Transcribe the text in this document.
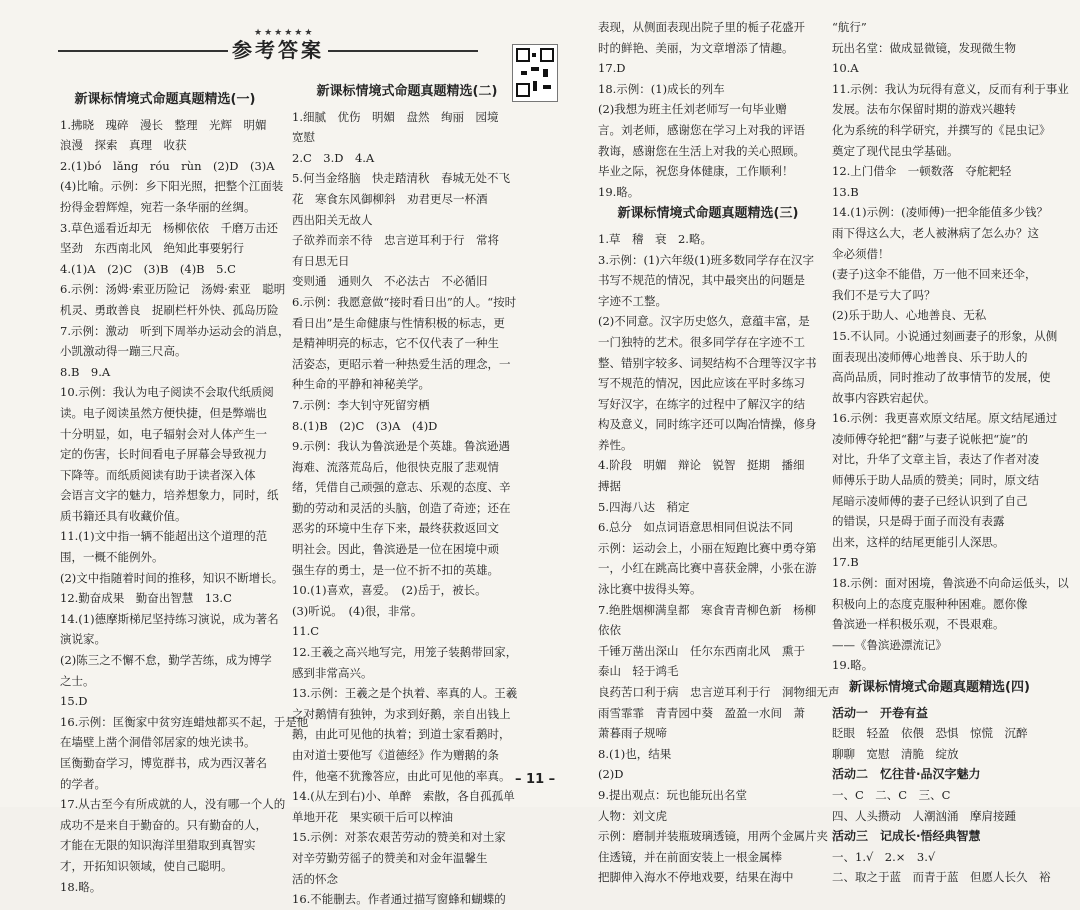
★★★★★★
参考答案

新课标情境式命题真题精选(一)

1.拂晓　瑰碎　漫长　整理　光辉　明媚

浪漫　探索　真理　收获

2.(1)bó　lǎng　róu　rùn　(2)D　(3)A

(4)比喻。示例：乡下阳光照，把整个江面装

扮得金碧辉煌，宛若一条华丽的丝绸。

3.草色遥看近却无　杨柳依依　千磨万击还

坚劲　东西南北风　绝知此事要躬行

4.(1)A　(2)C　(3)B　(4)B　5.C

6.示例：汤姆·索亚历险记　汤姆·索亚　聪明

机灵、勇敢善良　捉刷栏杆外快、孤岛历险

7.示例：激动　听到下周举办运动会的消息，

小凯激动得一蹦三尺高。

8.B　9.A

10.示例：我认为电子阅读不会取代纸质阅

读。电子阅读虽然方便快捷，但是弊端也

十分明显，如，电子辐射会对人体产生一

定的伤害，长时间看电子屏幕会导致视力

下降等。而纸质阅读有助于读者深入体

会语言文字的魅力，培养想象力，同时，纸

质书籍还具有收藏价值。

11.(1)文中指一辆不能超出这个道理的范

围，一概不能例外。

(2)文中指随着时间的推移，知识不断增长。

12.勤奋成果　勤奋出智慧　13.C

14.(1)德摩斯梯尼坚持练习演说，成为著名

演说家。

(2)陈三之不懈不怠，勤学苦练，成为博学

之士。

15.D

16.示例：匡衡家中贫穷连蜡烛都买不起，于是他

在墙壁上凿个洞借邻居家的烛光读书。

匡衡勤奋学习，博览群书，成为西汉著名

的学者。

17.从古至今有所成就的人，没有哪一个人的

成功不是来自于勤奋的。只有勤奋的人，

才能在无限的知识海洋里猎取到真智实

才，开拓知识领域，使自己聪明。

18.略。

新课标情境式命题真题精选(二)

1.细腻　优伤　明媚　盘然　绚丽　园境

宽慰

2.C　3.D　4.A

5.何当金络脑　快走踏清秋　春城无处不飞

花　寒食东风御柳斜　劝君更尽一杯酒

西出阳关无故人

子欲养而亲不待　忠言逆耳利于行　常将

有日思无日

变则通　通则久　不必法古　不必循旧

6.示例：我愿意做“接时看日出”的人。“按时

看日出”是生命健康与性情积极的标志，更

是精神明亮的标志，它不仅代表了一种生

活姿态，更昭示着一种热爱生活的理念，一

种生命的平静和神秘美学。

7.示例：李大钊守死留穷栖

8.(1)B　(2)C　(3)A　(4)D

9.示例：我认为鲁滨逊是个英雄。鲁滨逊遇

海难、流落荒岛后，他很快克服了悲观情

绪，凭借自己顽强的意志、乐观的态度、辛

勤的劳动和灵活的头脑，创造了奇迹；还在

恶劣的环境中生存下来，最终获救返回文

明社会。因此，鲁滨逊是一位在困境中顽

强生存的勇士，是一位不折不扣的英雄。

10.(1)喜欢，喜爱。　(2)岳于，被长。

(3)听说。　(4)很，非常。

11.C

12.王羲之高兴地写完，用笼子装鹅带回家，

感到非常高兴。

13.示例：王羲之是个执着、率真的人。王羲

之对鹅情有独钟，为求到好鹅，亲自出钱上

鹅，由此可见他的执着；到道士家看鹅时，

由对道士要他写《道德经》作为赠鹅的条

件，他毫不犹豫答应，由此可见他的率真。

14.(从左到右)小、单醉　索散，各自孤孤单

单地开花　果实硕干后可以榨油

15.示例：对茶农艰苦劳动的赞美和对土家

对辛劳勤劳徭子的赞美和对金年温馨生

活的怀念

16.不能删去。作者通过描写窗蜂和蝴蝶的

表现，从侧面表现出院子里的栀子花盛开

时的鲜艳、美丽，为文章增添了情趣。

17.D

18.示例：(1)成长的列车

(2)我想为班主任刘老师写一句毕业赠

言。刘老师，感谢您在学习上对我的评语

教诲，感谢您在生活上对我的关心照顾。

毕业之际，祝您身体健康，工作顺利！

19.略。

新课标情境式命题真题精选(三)

1.草　稽　衰　2.略。

3.示例：(1)六年级(1)班多数同学存在汉字

书写不规范的情况，其中最突出的问题是

字迹不工整。

(2)不同意。汉字历史悠久，意蕴丰富，是

一门独特的艺术。很多同学存在字迹不工

整、错别字较多、词契结构不合理等汉字书

写不规范的情况，因此应该在平时多练习

写好汉字，在练字的过程中了解汉字的结

构及意义，同时练字还可以陶冶情操，修身

养性。

4.阶段　明媚　辩论　锐智　挺期　播细

搏据

5.四海八达　稍定

6.总分　如点词语意思相同但说法不同

示例：运动会上，小丽在短跑比赛中勇夺第

一，小红在跳高比赛中喜获金牌，小张在游

泳比赛中拔得头筹。

7.绝胜烟柳满皇都　寒食青青柳色新　杨柳

依依

千锤万凿出深山　任尔东西南北风　熏于

泰山　轻于鸿毛

良药苦口利于病　忠言逆耳利于行　洞物细无声

雨雪霏霏　青青园中葵　盈盈一水间　萧

萧暮雨子规啼

8.(1)也，结果

(2)D

9.提出观点：玩也能玩出名堂

人物：刘文虎

示例：磨制并装瓶玻璃透镜，用两个金属片夹

住透镜，并在前面安装上一根金属棒

把脚伸入海水不停地戏要，结果在海中

“航行”

玩出名堂：做成显微镜，发现微生物

10.A

11.示例：我认为玩得有意义，反而有利于事业

发展。法布尔保留时期的游戏兴趣转

化为系统的科学研究，并撰写的《昆虫记》

奠定了现代昆虫学基础。

12.上门借伞　一顿数落　夺舵耙轻

13.B

14.(1)示例：(凌师傅)一把伞能值多少钱？

雨下得这么大，老人被淋病了怎么办？这

伞必须借！

(妻子)这伞不能借，万一他不回来还伞，

我们不是亏大了吗？

(2)乐于助人、心地善良、无私

15.不认同。小说通过刻画妻子的形象，从侧

面表现出凌师傅心地善良、乐于助人的

高尚品质，同时推动了故事情节的发展，使

故事内容跌宕起伏。

16.示例：我更喜欢原文结尾。原文结尾通过

凌师傅夺轮把“翻”与妻子说帐把“旋”的

对比，升华了文章主旨，表达了作者对凌

师傅乐于助人品质的赞美；同时，原文结

尾暗示凌师傅的妻子已经认识到了自己

的错误，只是碍于面子而没有表露

出来，这样的结尾更能引人深思。

17.B

18.示例：面对困境，鲁滨逊不向命运低头，以

积极向上的态度克服种种困难。愿你像

鲁滨逊一样积极乐观，不畏艰难。

——《鲁滨逊漂流记》

19.略。

新课标情境式命题真题精选(四)

活动一　开卷有益

眨眼　轻盈　依偎　恐惧　惊慌　沉醉

聊聊　宽慰　清脆　绽放

活动二　忆往昔·品汉字魅力

一、C　二、C　三、C

四、人头攒动　人潮汹涌　摩肩接踵

活动三　记成长·悟经典智慧

一、1.√　2.×　3.√

二、取之于蓝　而青于蓝　但愿人长久　裕

– 11 –
